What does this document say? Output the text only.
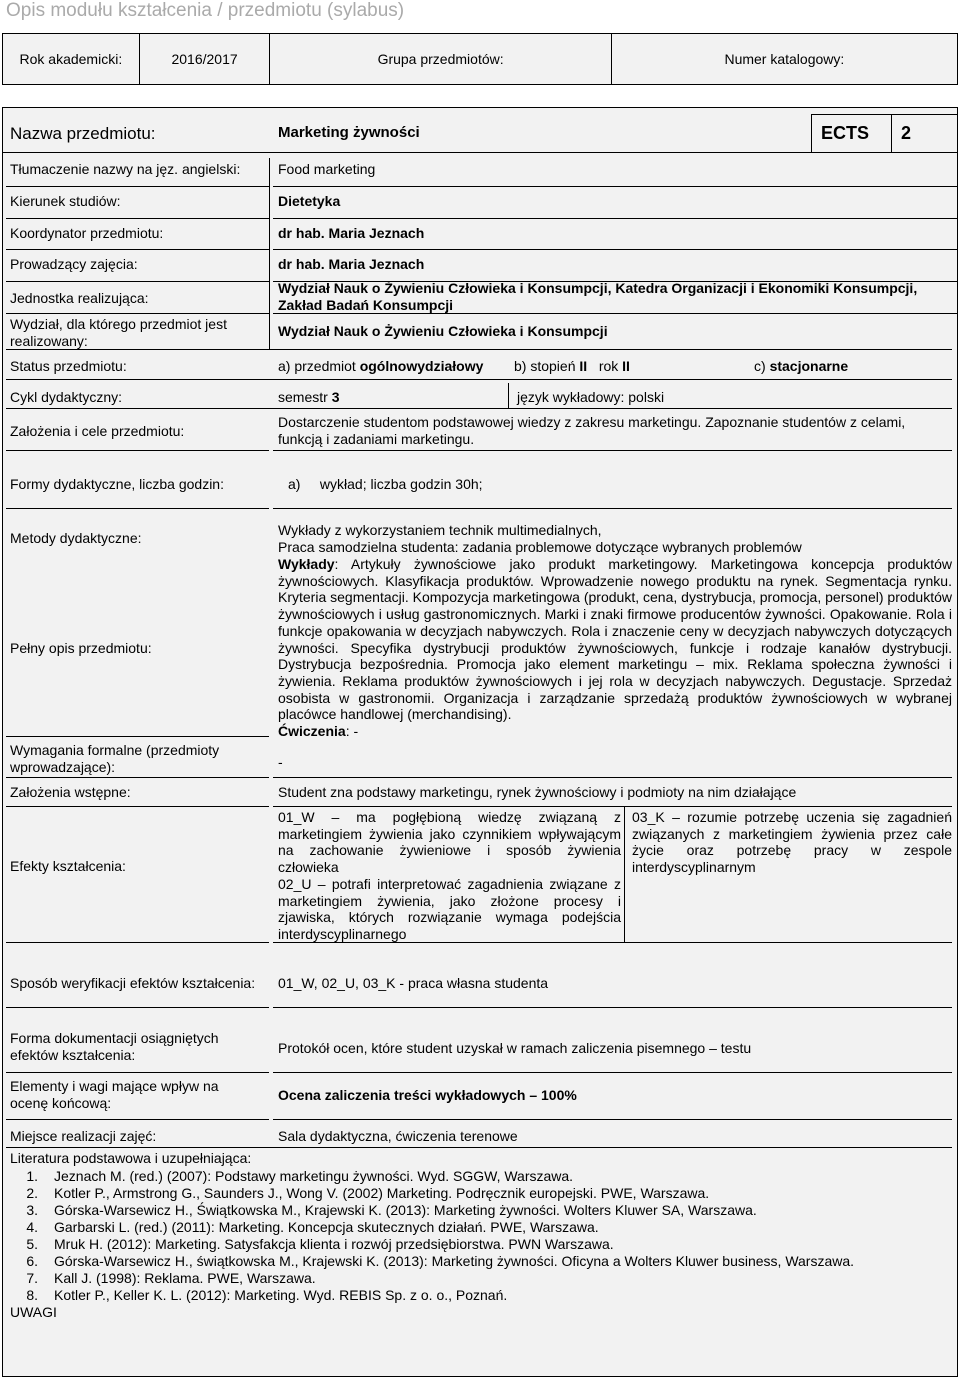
Opis modułu kształcenia / przedmiotu (sylabus)
Rok akademicki:	2016/2017	Grupa przedmiotów:	Numer katalogowy:
Nazwa przedmiotu:	Marketing żywności	ECTS 2
Tłumaczenie nazwy na jęz. angielski:	Food marketing
Kierunek studiów:	Dietetyka
Koordynator przedmiotu:	dr hab. Maria Jeznach
Prowadzący zajęcia:	dr hab. Maria Jeznach
Jednostka realizująca:
Wydział Nauk o Żywieniu Człowieka i Konsumpcji, Katedra Organizacji i Ekonomiki Konsumpcji, Zakład Badań Konsumpcji
Wydział, dla którego przedmiot jest realizowany:
Wydział Nauk o Żywieniu Człowieka i Konsumpcji
Status przedmiotu:	a) przedmiot ogólnowydziałowy b) stopień II rok II	c) stacjonarne
Cykl dydaktyczny:	semestr 3	język wykładowy: polski
Założenia i cele przedmiotu:
Dostarczenie studentom podstawowej wiedzy z zakresu marketingu. Zapoznanie studentów z celami, funkcją i zadaniami marketingu.
Formy dydaktyczne, liczba godzin:	a) wykład; liczba godzin 30h;
Metody dydaktyczne:	Wykłady z wykorzystaniem technik multimedialnych,
Praca samodzielna studenta: zadania problemowe dotyczące wybranych problemów
Pełny opis przedmiotu:
Wykłady: Artykuły żywnościowe jako produkt marketingowy. Marketingowa koncepcja produktów żywnościowych. Klasyfikacja produktów. Wprowadzenie nowego produktu na rynek. Segmentacja rynku. Kryteria segmentacji. Kompozycja marketingowa (produkt, cena, dystrybucja, promocja, personel) produktów żywnościowych i usług gastronomicznych. Marki i znaki firmowe producentów żywności. Opakowanie. Rola i funkcje opakowania w decyzjach nabywczych. Rola i znaczenie ceny w decyzjach nabywczych dotyczących żywności. Specyfika dystrybucji produktów żywnościowych, funkcje i rodzaje kanałów dystrybucji. Dystrybucja bezpośrednia. Promocja jako element marketingu – mix. Reklama społeczna żywności i żywienia. Reklama produktów żywnościowych i jej rola w decyzjach nabywczych. Degustacje. Sprzedaż osobista w gastronomii. Organizacja i zarządzanie sprzedażą produktów żywnościowych w wybranej placówce handlowej (merchandising).
Ćwiczenia: -
Wymagania formalne (przedmioty wprowadzające):	-
Założenia wstępne:	Student zna podstawy marketingu, rynek żywnościowy i podmioty na nim działające
Efekty kształcenia:
01_W – ma pogłębioną wiedzę związaną z marketingiem żywienia jako czynnikiem wpływającym na zachowanie żywieniowe i sposób żywienia człowieka
02_U – potrafi interpretować zagadnienia związane z marketingiem żywienia, jako złożone procesy i zjawiska, których rozwiązanie wymaga podejścia interdyscyplinarnego
03_K – rozumie potrzebę uczenia się zagadnień związanych z marketingiem żywienia przez całe życie oraz potrzebę pracy w zespole interdyscyplinarnym
Sposób weryfikacji efektów kształcenia: 01_W, 02_U, 03_K - praca własna studenta
Forma dokumentacji osiągniętych efektów kształcenia:	Protokół ocen, które student uzyskał w ramach zaliczenia pisemnego – testu
Elementy i wagi mające wpływ na ocenę końcową:	Ocena zaliczenia treści wykładowych – 100%
Miejsce realizacji zajęć:	Sala dydaktyczna, ćwiczenia terenowe
Literatura podstawowa i uzupełniająca:
1. Jeznach M. (red.) (2007): Podstawy marketingu żywności. Wyd. SGGW, Warszawa.
2. Kotler P., Armstrong G., Saunders J., Wong V. (2002) Marketing. Podręcznik europejski. PWE, Warszawa.
3. Górska-Warsewicz H., Świątkowska M., Krajewski K. (2013): Marketing żywności. Wolters Kluwer SA, Warszawa.
4. Garbarski L. (red.) (2011): Marketing. Koncepcja skutecznych działań. PWE, Warszawa.
5. Mruk H. (2012): Marketing. Satysfakcja klienta i rozwój przedsiębiorstwa. PWN Warszawa.
6. Górska-Warsewicz H., świątkowska M., Krajewski K. (2013): Marketing żywności. Oficyna a Wolters Kluwer business, Warszawa.
7. Kall J. (1998): Reklama. PWE, Warszawa.
8. Kotler P., Keller K. L. (2012): Marketing. Wyd. REBIS Sp. z o. o., Poznań.
UWAGI
